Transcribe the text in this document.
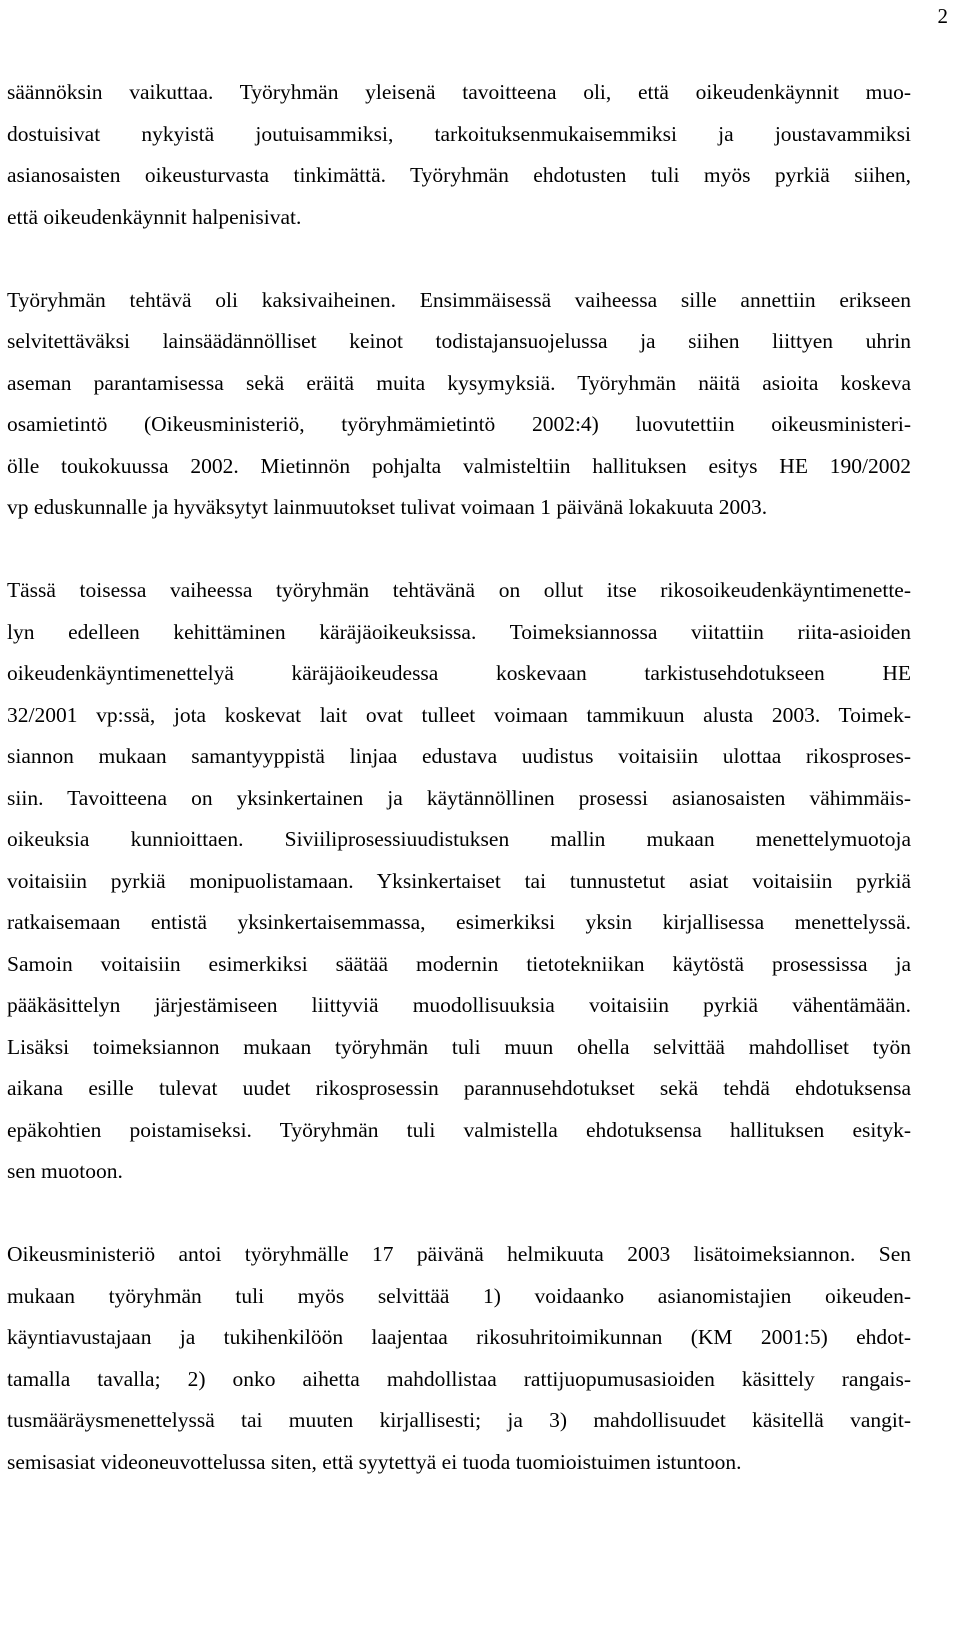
2
säännöksin vaikuttaa. Työryhmän yleisenä tavoitteena oli, että oikeudenkäynnit muo-
dostuisivat nykyistä joutuisammiksi, tarkoituksenmukaisemmiksi ja joustavammiksi
asianosaisten oikeusturvasta tinkimättä. Työryhmän ehdotusten tuli myös pyrkiä siihen,
että oikeudenkäynnit halpenisivat.
Työryhmän tehtävä oli kaksivaiheinen. Ensimmäisessä vaiheessa sille annettiin erikseen
selvitettäväksi lainsäädännölliset keinot todistajansuojelussa ja siihen liittyen uhrin
aseman parantamisessa sekä eräitä muita kysymyksiä. Työryhmän näitä asioita koskeva
osamietintö (Oikeusministeriö, työryhmämietintö 2002:4) luovutettiin oikeusministeri-
ölle toukokuussa 2002. Mietinnön pohjalta valmisteltiin hallituksen esitys HE 190/2002
vp eduskunnalle ja hyväksytyt lainmuutokset tulivat voimaan 1 päivänä lokakuuta 2003.
Tässä toisessa vaiheessa työryhmän tehtävänä on ollut itse rikosoikeudenkäyntimenette-
lyn edelleen kehittäminen käräjäoikeuksissa. Toimeksiannossa viitattiin riita-asioiden
oikeudenkäyntimenettelyä käräjäoikeudessa koskevaan tarkistusehdotukseen HE
32/2001 vp:ssä, jota koskevat lait ovat tulleet voimaan tammikuun alusta 2003. Toimek-
siannon mukaan samantyyppistä linjaa edustava uudistus voitaisiin ulottaa rikosproses-
siin. Tavoitteena on yksinkertainen ja käytännöllinen prosessi asianosaisten vähimmäis-
oikeuksia kunnioittaen. Siviiliprosessiuudistuksen mallin mukaan menettelymuotoja
voitaisiin pyrkiä monipuolistamaan. Yksinkertaiset tai tunnustetut asiat voitaisiin pyrkiä
ratkaisemaan entistä yksinkertaisemmassa, esimerkiksi yksin kirjallisessa menettelyssä.
Samoin voitaisiin esimerkiksi säätää modernin tietotekniikan käytöstä prosessissa ja
pääkäsittelyn järjestämiseen liittyviä muodollisuuksia voitaisiin pyrkiä vähentämään.
Lisäksi toimeksiannon mukaan työryhmän tuli muun ohella selvittää mahdolliset työn
aikana esille tulevat uudet rikosprosessin parannusehdotukset sekä tehdä ehdotuksensa
epäkohtien poistamiseksi. Työryhmän tuli valmistella ehdotuksensa hallituksen esityk-
sen muotoon.
Oikeusministeriö antoi työryhmälle 17 päivänä helmikuuta 2003 lisätoimeksiannon. Sen
mukaan työryhmän tuli myös selvittää 1) voidaanko asianomistajien oikeuden-
käyntiavustajaan ja tukihenkilöön laajentaa rikosuhritoimikunnan (KM 2001:5) ehdot-
tamalla tavalla; 2) onko aihetta mahdollistaa rattijuopumusasioiden käsittely rangais-
tusmääräysmenettelyssä tai muuten kirjallisesti; ja 3) mahdollisuudet käsitellä vangit-
semisasiat videoneuvottelussa siten, että syytettyä ei tuoda tuomioistuimen istuntoon.
